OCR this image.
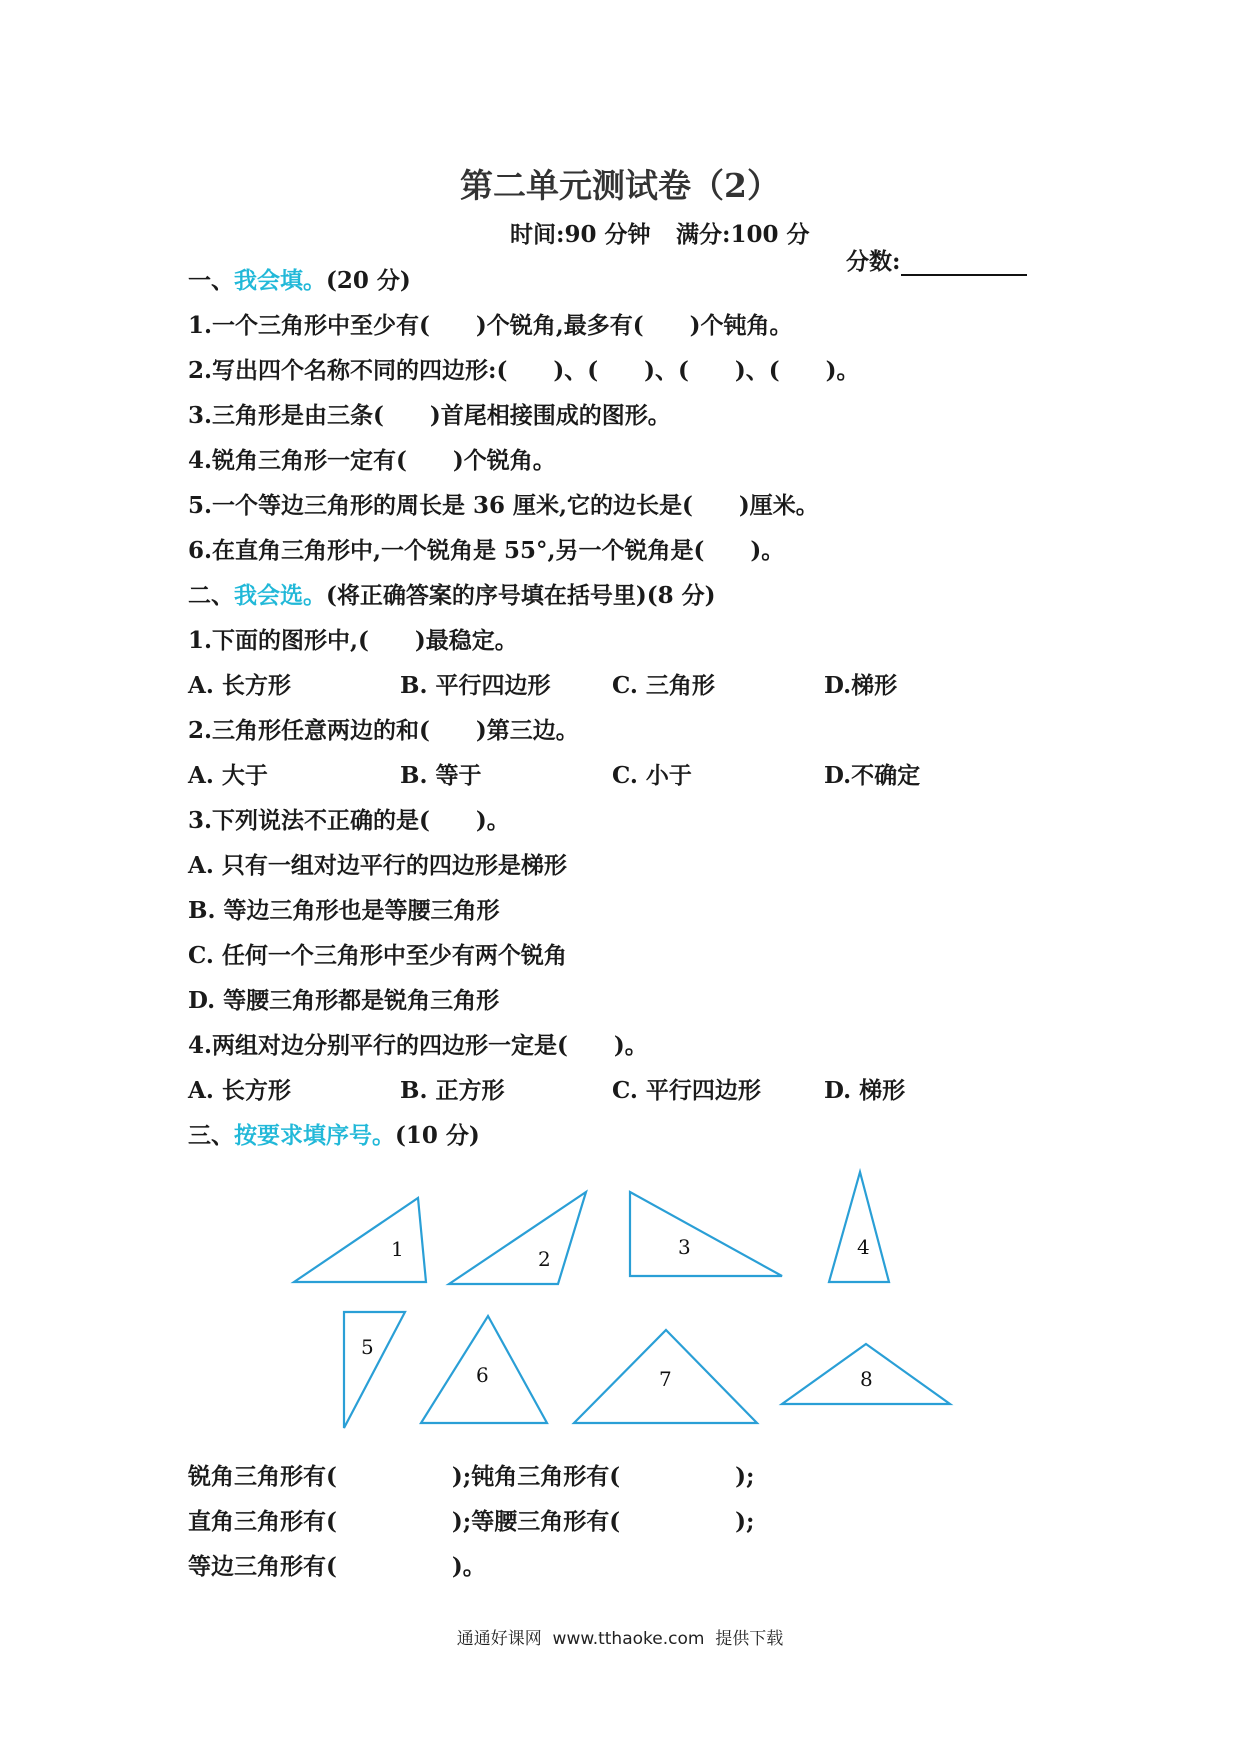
第二单元测试卷（2）
时间:90 分钟 满分:100 分

分数:

一、我会填。(20 分)
1.一个三角形中至少有(　　)个锐角,最多有(　　)个钝角。
2.写出四个名称不同的四边形:(　　)、(　　)、(　　)、(　　)。
3.三角形是由三条(　　)首尾相接围成的图形。
4.锐角三角形一定有(　　)个锐角。
5.一个等边三角形的周长是 36 厘米,它的边长是(　　)厘米。
6.在直角三角形中,一个锐角是 55°,另一个锐角是(　　)。
二、我会选。(将正确答案的序号填在括号里)(8 分)
1.下面的图形中,(　　)最稳定。
A. 长方形	B. 平行四边形	C. 三角形	D.梯形
2.三角形任意两边的和(　　)第三边。
A. 大于	B. 等于	C. 小于	D.不确定
3.下列说法不正确的是(　　)。
A. 只有一组对边平行的四边形是梯形
B. 等边三角形也是等腰三角形
C. 任何一个三角形中至少有两个锐角
D. 等腰三角形都是锐角三角形
4.两组对边分别平行的四边形一定是(　　)。
A. 长方形	B. 正方形	C. 平行四边形	D. 梯形
三、按要求填序号。(10 分)
1	2	3	4
5
6	7	8
锐角三角形有(　　　　　);钝角三角形有(　　　　　);
直角三角形有(　　　　　);等腰三角形有(　　　　　);
等边三角形有(　　　　　)。
通通好课网  www.tthaoke.com  提供下载
